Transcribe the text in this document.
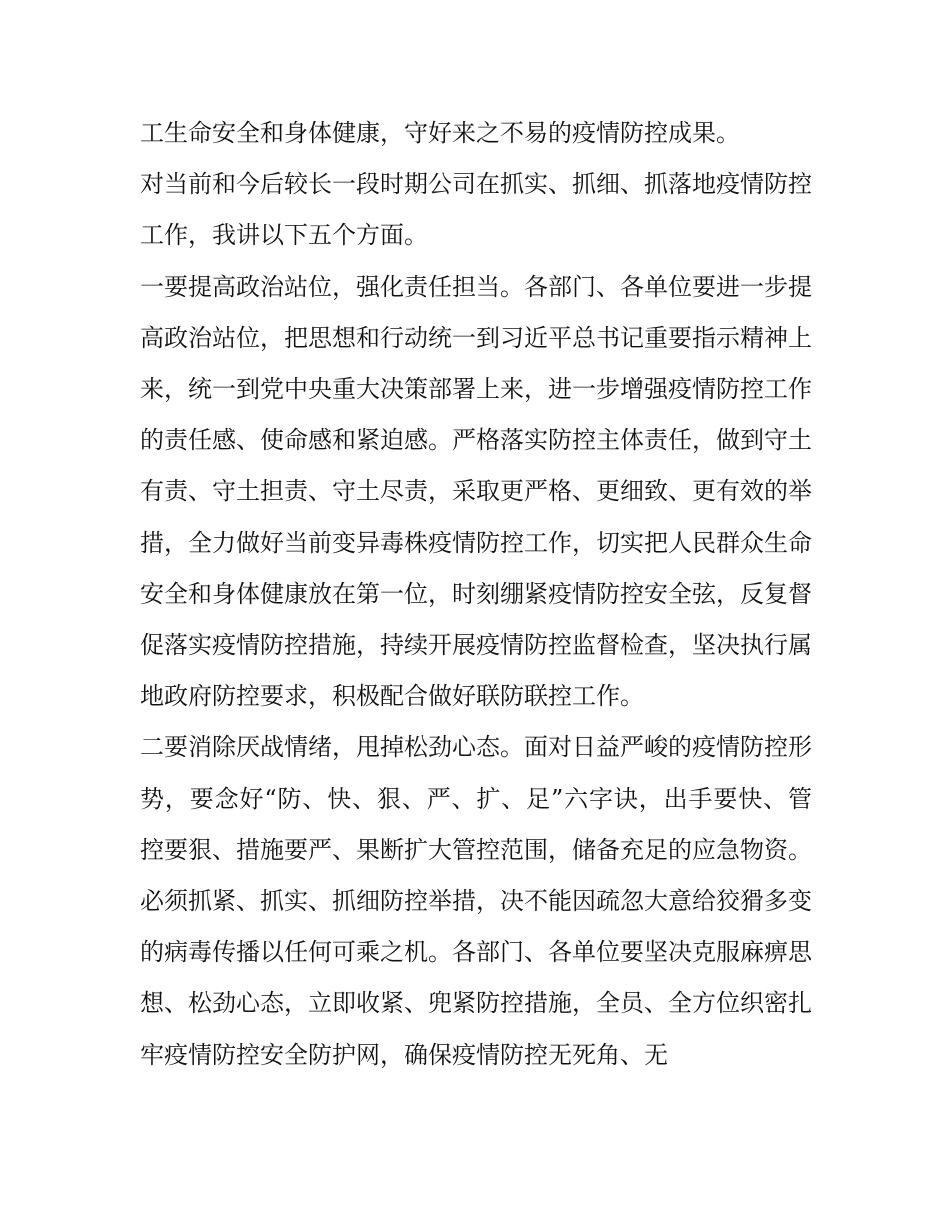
工生命安全和身体健康，守好来之不易的疫情防控成果。

对当前和今后较长一段时期公司在抓实、抓细、抓落地疫情防控工作，我讲以下五个方面。

一要提高政治站位，强化责任担当。各部门、各单位要进一步提高政治站位，把思想和行动统一到习近平总书记重要指示精神上来，统一到党中央重大决策部署上来，进一步增强疫情防控工作的责任感、使命感和紧迫感。严格落实防控主体责任，做到守土有责、守土担责、守土尽责，采取更严格、更细致、更有效的举措，全力做好当前变异毒株疫情防控工作，切实把人民群众生命安全和身体健康放在第一位，时刻绷紧疫情防控安全弦，反复督促落实疫情防控措施，持续开展疫情防控监督检查，坚决执行属地政府防控要求，积极配合做好联防联控工作。

二要消除厌战情绪，甩掉松劲心态。面对日益严峻的疫情防控形势，要念好“防、快、狠、严、扩、足”六字诀，出手要快、管控要狠、措施要严、果断扩大管控范围，储备充足的应急物资。必须抓紧、抓实、抓细防控举措，决不能因疏忽大意给狡猾多变的病毒传播以任何可乘之机。各部门、各单位要坚决克服麻痹思想、松劲心态，立即收紧、兜紧防控措施，全员、全方位织密扎牢疫情防控安全防护网，确保疫情防控无死角、无
